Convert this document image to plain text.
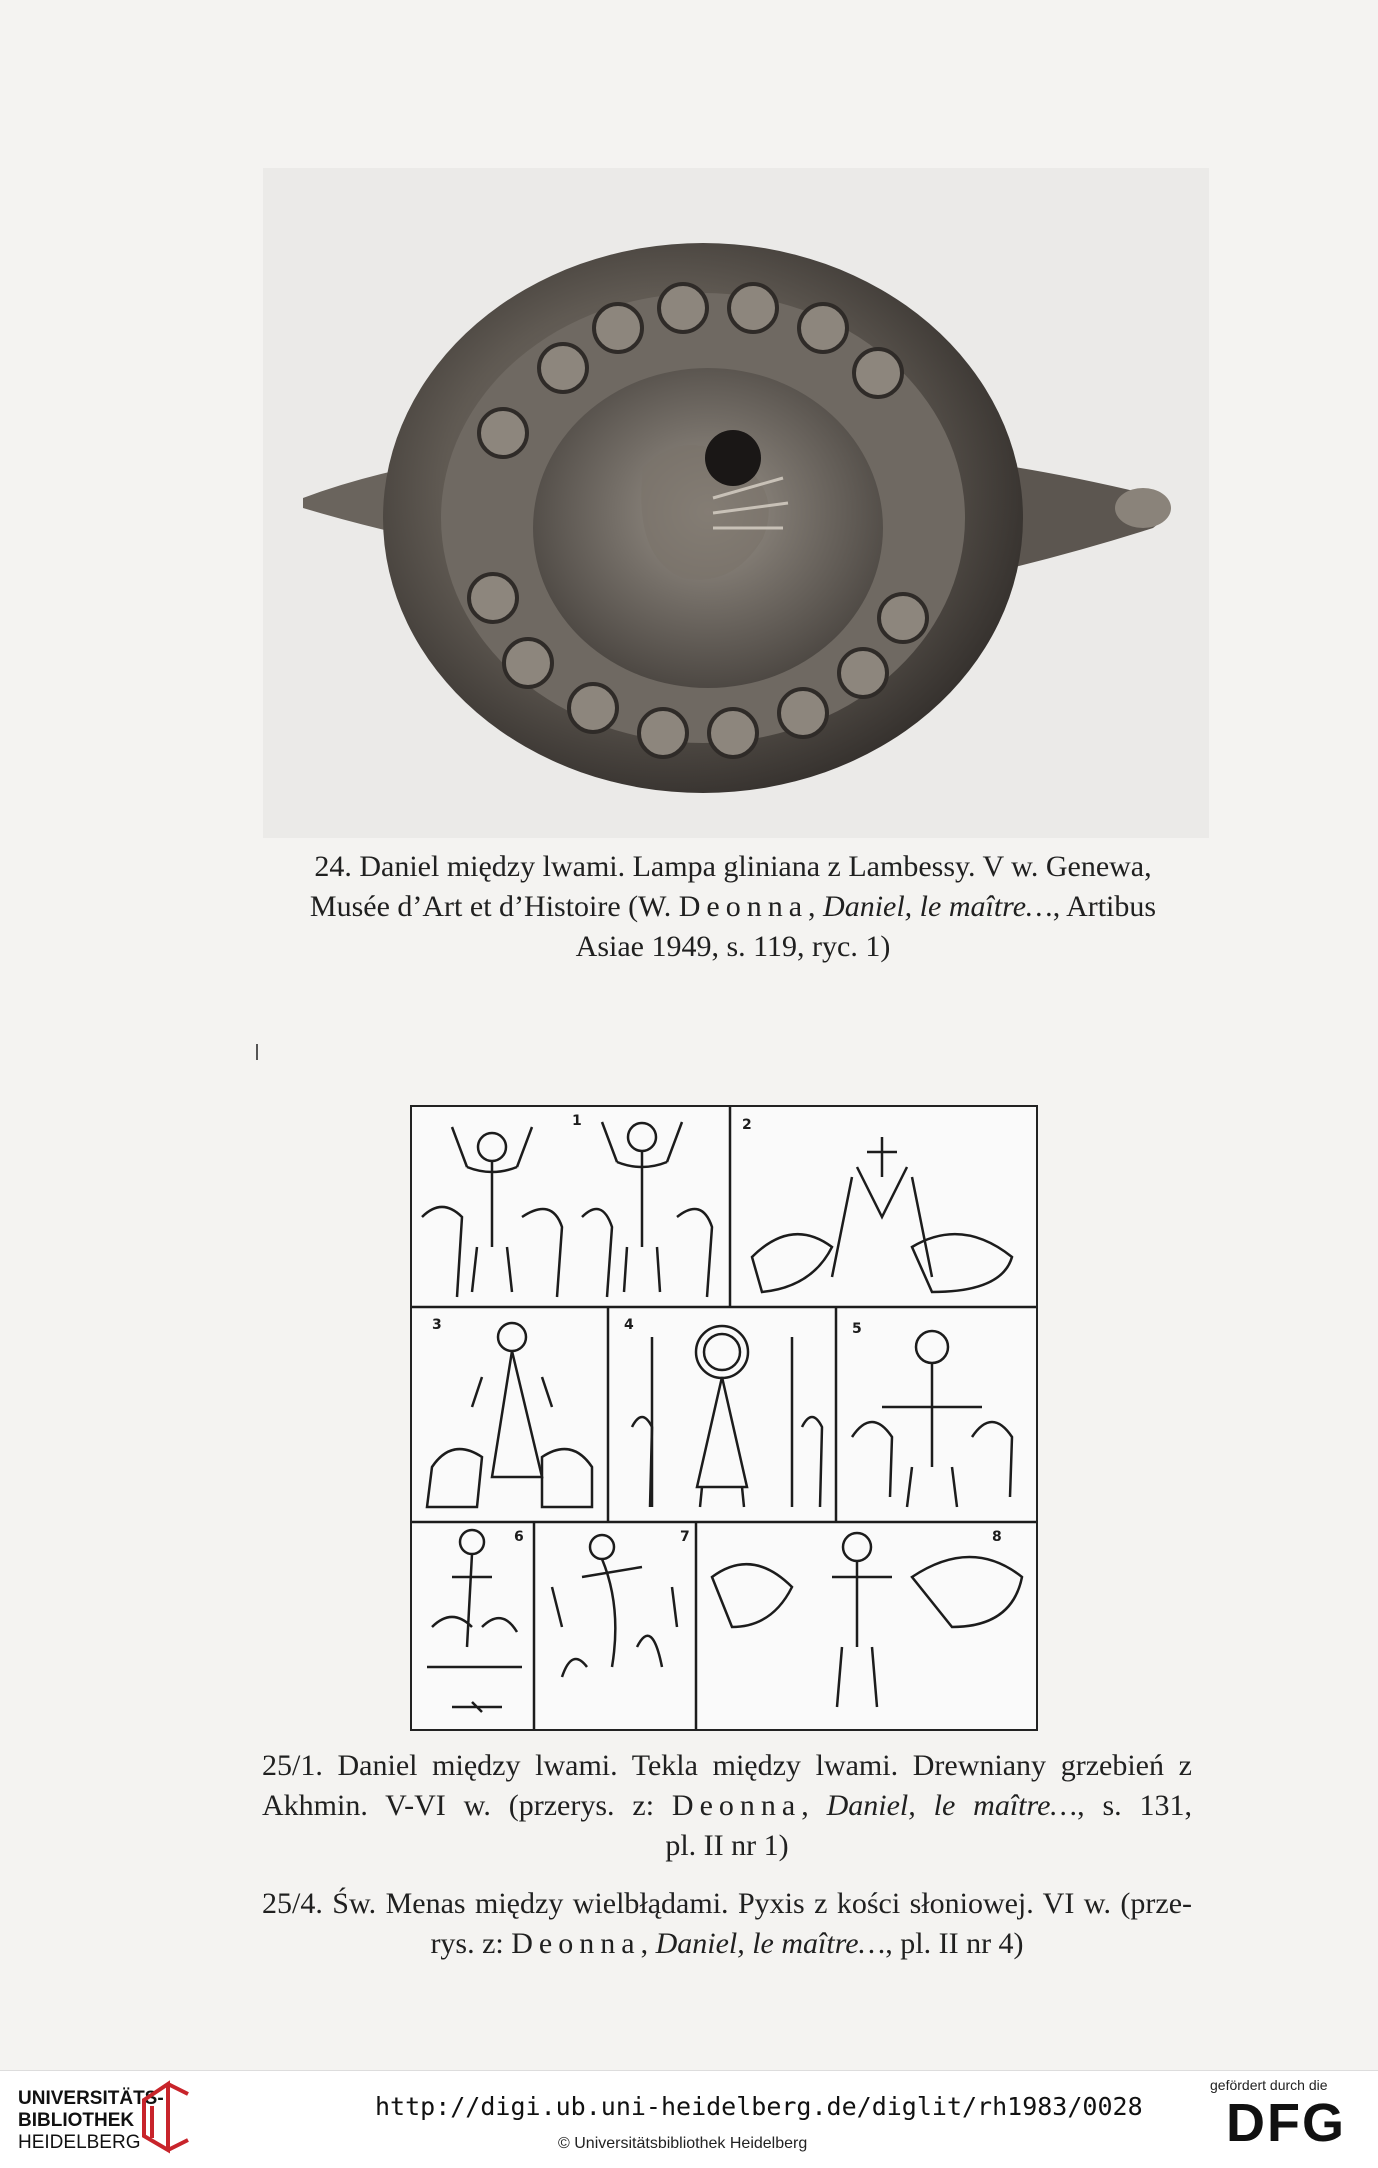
24. Daniel między lwami. Lampa gliniana z Lambessy. V w. Genewa,
Musée d’Art et d’Histoire (W. Deonna, Daniel, le maître…, Artibus
Asiae 1949, s. 119, ryc. 1)
1	2
3	4	5
6	7	8
25/1. Daniel między lwami. Tekla między lwami. Drewniany grzebień z
Akhmin. V-VI w. (przerys. z: Deonna, Daniel, le maître…, s. 131,
pl. II nr 1)
25/4. Św. Menas między wielbłądami. Pyxis z kości słoniowej. VI w. (prze-
rys. z: Deonna, Daniel, le maître…, pl. II nr 4)
UNIVERSITÄTS-
BIBLIOTHEK
HEIDELBERG
http://digi.ub.uni-heidelberg.de/diglit/rh1983/0028
© Universitätsbibliothek Heidelberg
gefördert durch die
DFG
